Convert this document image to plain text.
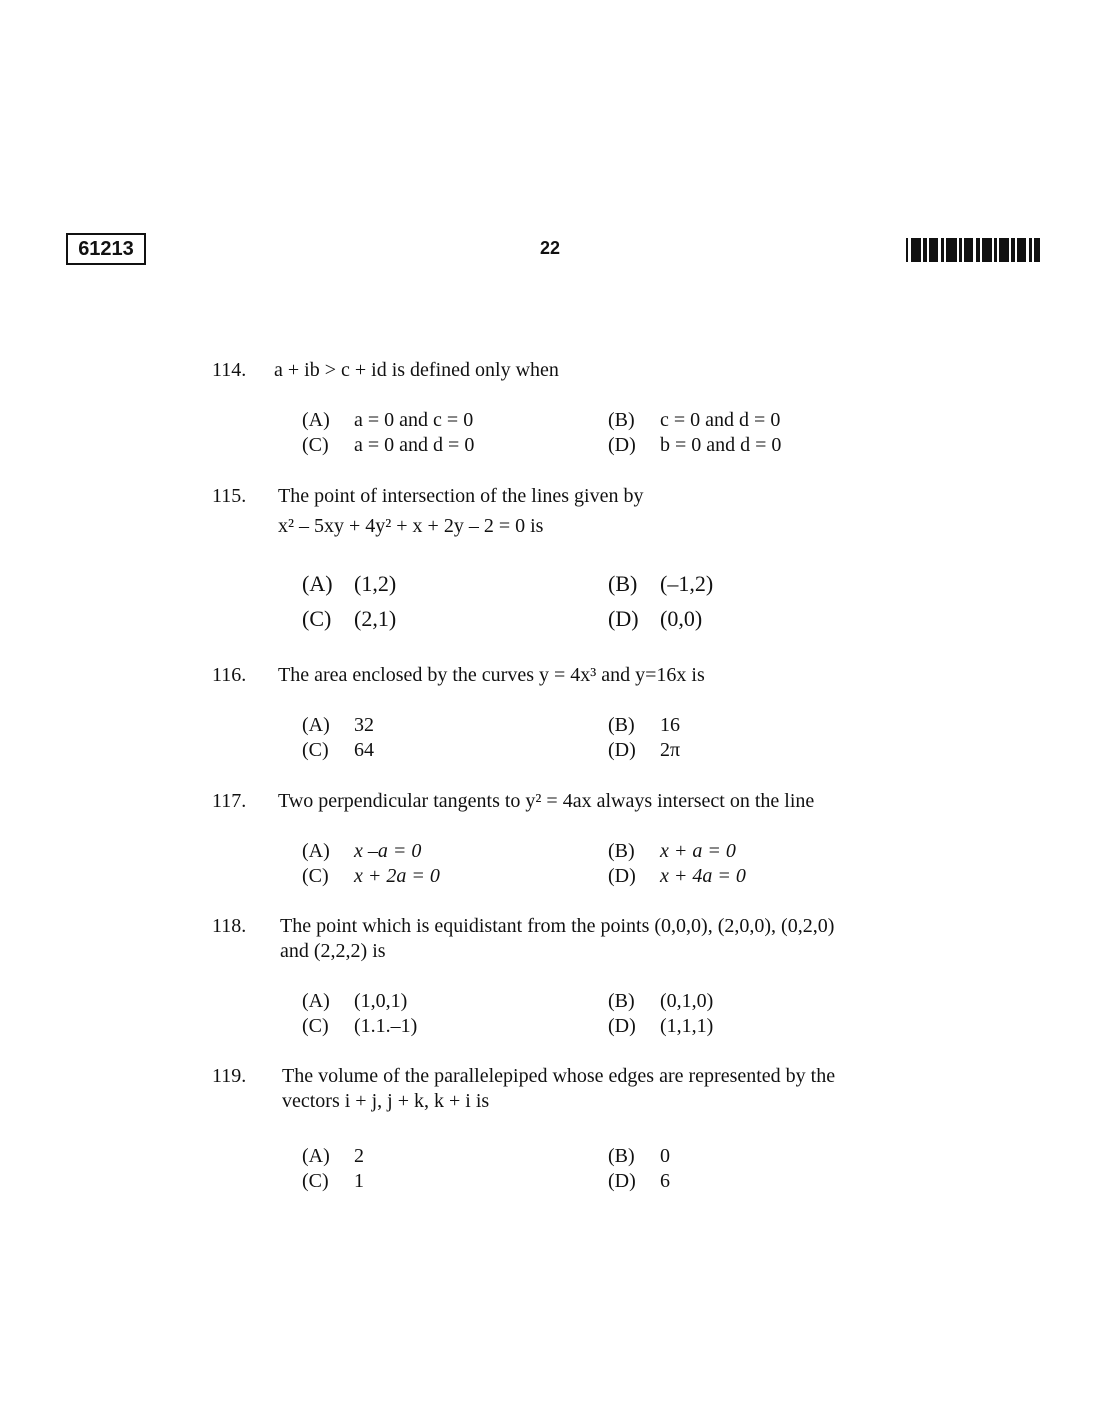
61213	22
114.	a + ib > c + id is defined only when
(A) a = 0 and c = 0	(B) c = 0 and d = 0
(C) a = 0 and d = 0	(D) b = 0 and d = 0
115.	The point of intersection of the lines given by
x² – 5xy + 4y² + x + 2y – 2 = 0 is
(A) (1,2)	(B) (–1,2)
(C) (2,1)	(D) (0,0)
116.	The area enclosed by the curves y = 4x³ and y=16x is
(A) 32	(B) 16
(C) 64	(D) 2π
117.	Two perpendicular tangents to y² = 4ax always intersect on the line
(A) x –a = 0	(B) x + a = 0
(C) x + 2a = 0	(D) x + 4a = 0
118.	The point which is equidistant from the points (0,0,0), (2,0,0), (0,2,0)
and (2,2,2) is
(A) (1,0,1)	(B) (0,1,0)
(C) (1.1.–1)	(D) (1,1,1)
119.	The volume of the parallelepiped whose edges are represented by the
vectors i + j, j + k, k + i is
(A) 2	(B) 0
(C) 1	(D) 6
